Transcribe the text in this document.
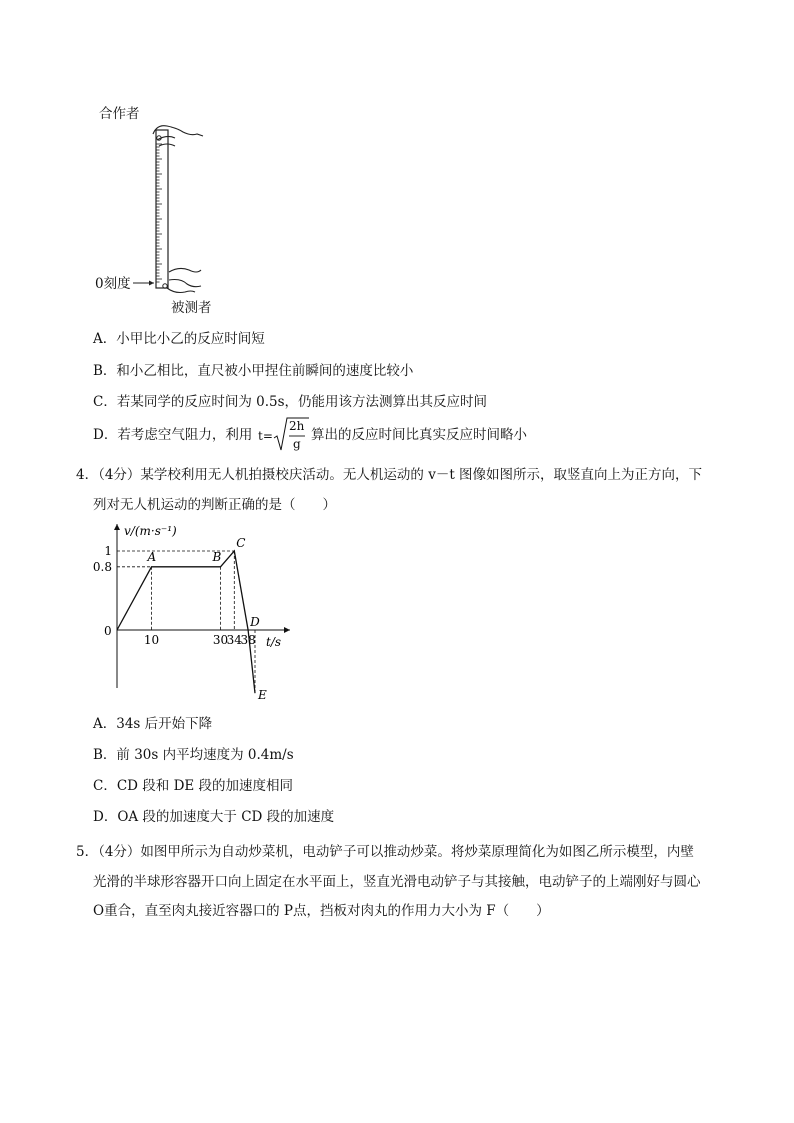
合作者
0刻度
被测者
A．小甲比小乙的反应时间短
B．和小乙相比，直尺被小甲捏住前瞬间的速度比较小
C．若某同学的反应时间为 0.5s，仍能用该方法测算出其反应时间
D．若考虑空气阻力，利用 t=
2h
g
算出的反应时间比真实反应时间略小
4．（4分）某学校利用无人机拍摄校庆活动。无人机运动的 v－t 图像如图所示，取竖直向上为正方向，下
列对无人机运动的判断正确的是（　　）
v/(m·s⁻¹)
t/s
0
0.8
1
10	30
34
38
A	B
C
D
E
A．34s 后开始下降
B．前 30s 内平均速度为 0.4m/s
C．CD 段和 DE 段的加速度相同
D．OA 段的加速度大于 CD 段的加速度
5．（4分）如图甲所示为自动炒菜机，电动铲子可以推动炒菜。将炒菜原理简化为如图乙所示模型，内壁
光滑的半球形容器开口向上固定在水平面上，竖直光滑电动铲子与其接触，电动铲子的上端刚好与圆心
O重合，直至肉丸接近容器口的 P点，挡板对肉丸的作用力大小为 F（　　）
